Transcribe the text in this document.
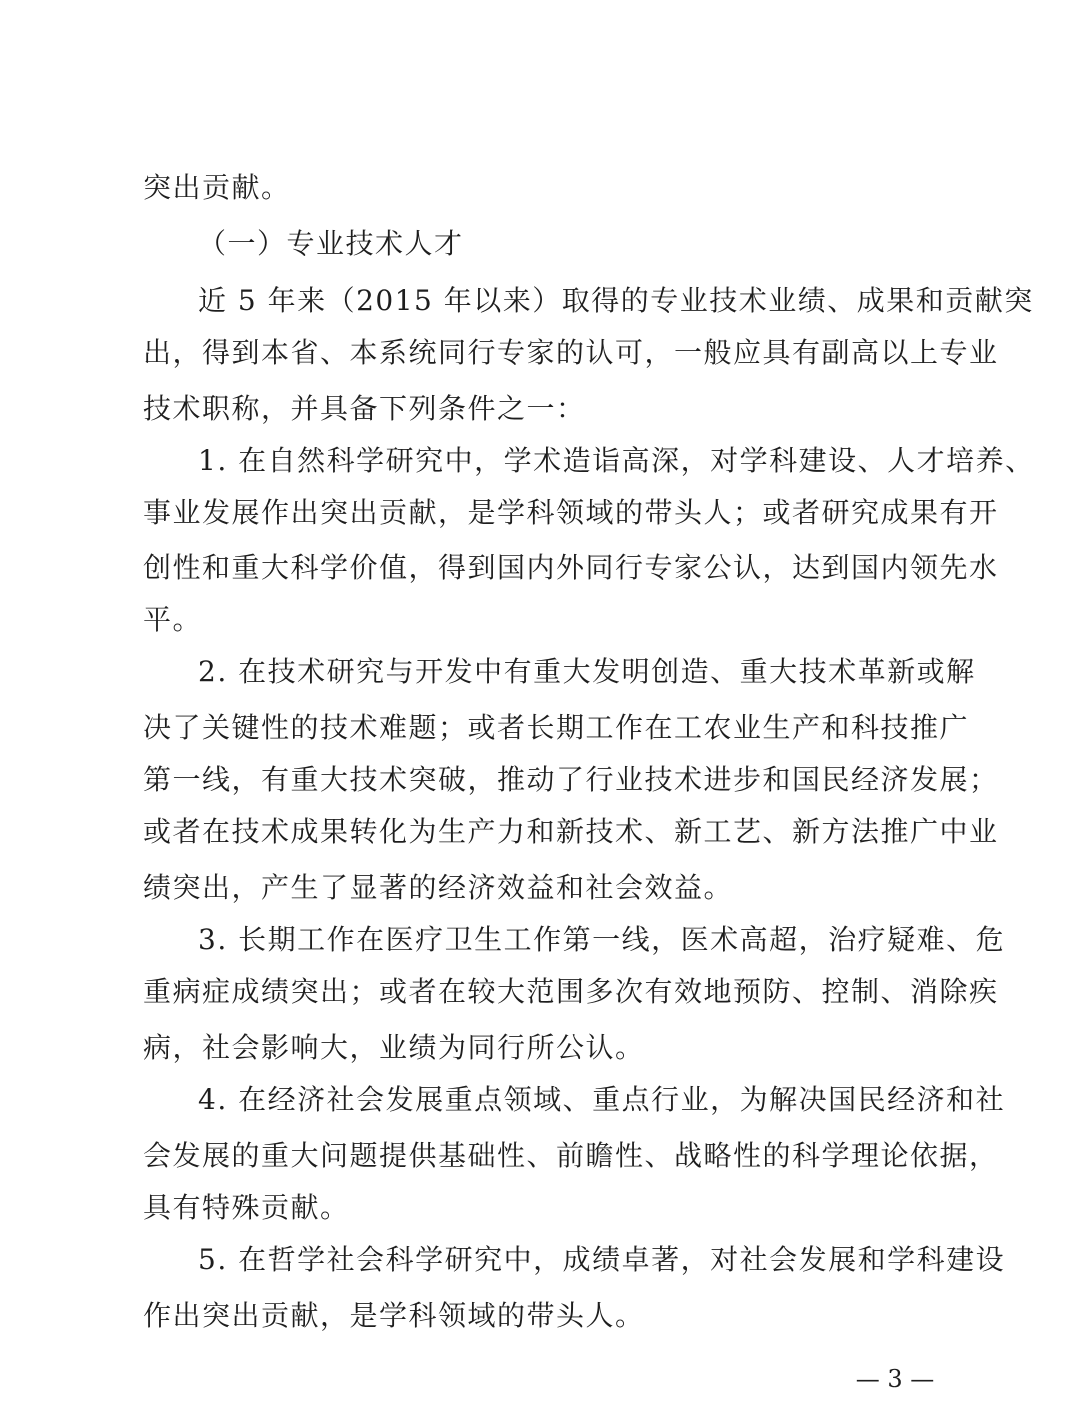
突出贡献。
（一）专业技术人才
近 5 年来（2015 年以来）取得的专业技术业绩、成果和贡献突
出，得到本省、本系统同行专家的认可，一般应具有副高以上专业
技术职称，并具备下列条件之一：
1. 在自然科学研究中，学术造诣高深，对学科建设、人才培养、
事业发展作出突出贡献，是学科领域的带头人；或者研究成果有开
创性和重大科学价值，得到国内外同行专家公认，达到国内领先水
平。
2. 在技术研究与开发中有重大发明创造、重大技术革新或解
决了关键性的技术难题；或者长期工作在工农业生产和科技推广
第一线，有重大技术突破，推动了行业技术进步和国民经济发展；
或者在技术成果转化为生产力和新技术、新工艺、新方法推广中业
绩突出，产生了显著的经济效益和社会效益。
3. 长期工作在医疗卫生工作第一线，医术高超，治疗疑难、危
重病症成绩突出；或者在较大范围多次有效地预防、控制、消除疾
病，社会影响大，业绩为同行所公认。
4. 在经济社会发展重点领域、重点行业，为解决国民经济和社
会发展的重大问题提供基础性、前瞻性、战略性的科学理论依据，
具有特殊贡献。
5. 在哲学社会科学研究中，成绩卓著，对社会发展和学科建设
作出突出贡献，是学科领域的带头人。
— 3 —
